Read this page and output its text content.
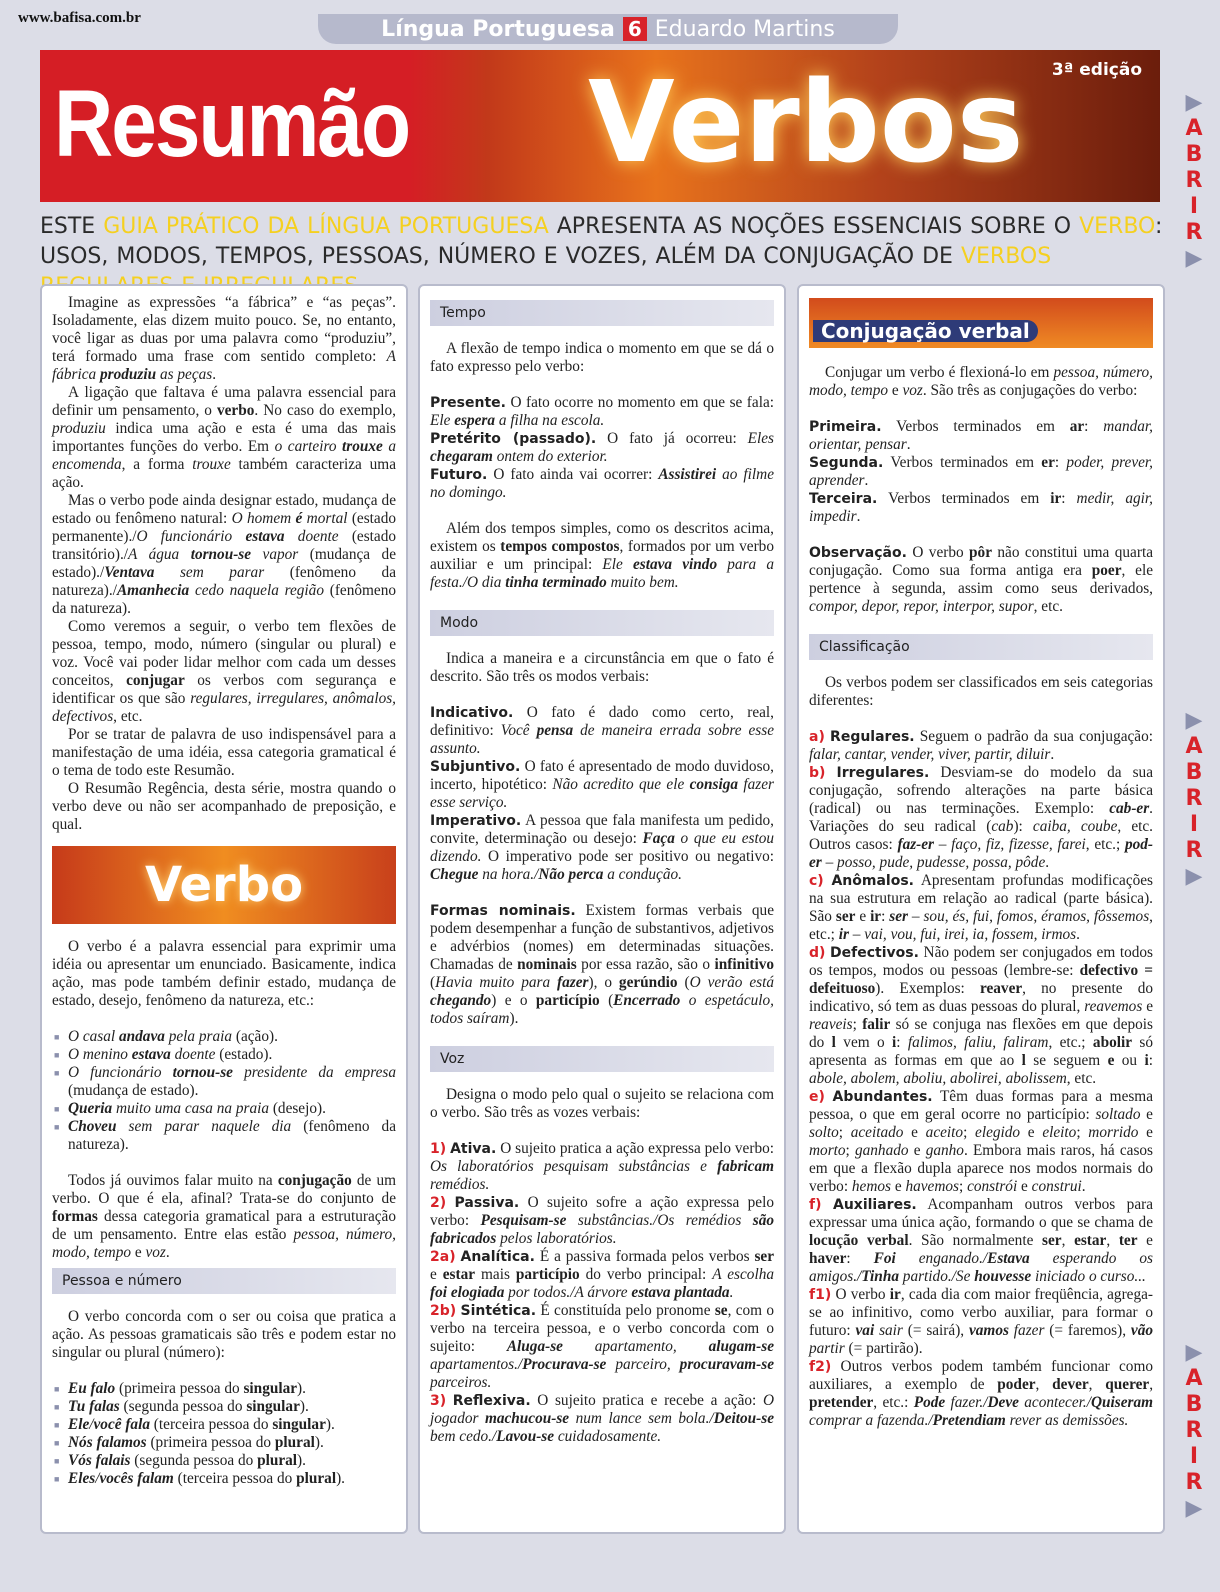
www.bafisa.com.br	Língua Portuguesa 6 Eduardo Martins
Resumão Verbos 3ª edição
▶
A
B
R
I
R
▶
▶
A
B
R
I
R
▶
▶
A
B
R
I
R
▶
ESTE GUIA PRÁTICO DA LÍNGUA PORTUGUESA APRESENTA AS NOÇÕES ESSENCIAIS SOBRE O VERBO: USOS, MODOS, TEMPOS, PESSOAS, NÚMERO E VOZES, ALÉM DA CONJUGAÇÃO DE VERBOS

Imagine as expressões “a fábrica” e “as peças”. Isoladamente, elas dizem muito pouco. Se, no entanto, você ligar as duas por uma palavra como “produziu”, terá formado uma frase com sentido completo: A fábrica produziu as peças.

A ligação que faltava é uma palavra essencial para definir um pensamento, o verbo. No caso do exemplo, produziu indica uma ação e esta é uma das mais importantes funções do verbo. Em o carteiro trouxe a encomenda, a forma trouxe também caracteriza uma ação.

Mas o verbo pode ainda designar estado, mudança de estado ou fenômeno natural: O homem é mortal (estado permanente)./O funcionário estava doente (estado transitório)./A água tornou-se vapor (mudança de estado)./Ventava sem parar (fenômeno da natureza)./Amanhecia cedo naquela região (fenômeno da natureza).

Como veremos a seguir, o verbo tem flexões de pessoa, tempo, modo, número (singular ou plural) e voz. Você vai poder lidar melhor com cada um desses conceitos, conjugar os verbos com segurança e identificar os que são regulares, irregulares, anômalos, defectivos, etc.

Por se tratar de palavra de uso indispensável para a manifestação de uma idéia, essa categoria gramatical é o tema de todo este Resumão.

O Resumão Regência, desta série, mostra quando o verbo deve ou não ser acompanhado de preposição, e qual.

Verbo

O verbo é a palavra essencial para exprimir uma idéia ou apresentar um enunciado. Basicamente, indica ação, mas pode também definir estado, mudança de estado, desejo, fenômeno da natureza, etc.:

■ O casal andava pela praia (ação).
■ O menino estava doente (estado).
■ O funcionário tornou-se presidente da empresa (mudança de estado).
■ Queria muito uma casa na praia (desejo).
■ Choveu sem parar naquele dia (fenômeno da natureza).

Todos já ouvimos falar muito na conjugação de um verbo. O que é ela, afinal? Trata-se do conjunto de formas dessa categoria gramatical para a estruturação de um pensamento. Entre elas estão pessoa, número, modo, tempo e voz.

Pessoa e número

O verbo concorda com o ser ou coisa que pratica a ação. As pessoas gramaticais são três e podem estar no singular ou plural (número):

■ Eu falo (primeira pessoa do singular).
■ Tu falas (segunda pessoa do singular).
■ Ele/você fala (terceira pessoa do singular).
■ Nós falamos (primeira pessoa do plural).
■ Vós falais (segunda pessoa do plural).
■ Eles/vocês falam (terceira pessoa do plural).
Tempo

A flexão de tempo indica o momento em que se dá o fato expresso pelo verbo:

Presente. O fato ocorre no momento em que se fala: Ele espera a filha na escola.
Pretérito (passado). O fato já ocorreu: Eles chegaram ontem do exterior.
Futuro. O fato ainda vai ocorrer: Assistirei ao filme no domingo.

Além dos tempos simples, como os descritos acima, existem os tempos compostos, formados por um verbo auxiliar e um principal: Ele estava vindo para a festa./O dia tinha terminado muito bem.

Modo

Indica a maneira e a circunstância em que o fato é descrito. São três os modos verbais:

Indicativo. O fato é dado como certo, real, definitivo: Você pensa de maneira errada sobre esse assunto.
Subjuntivo. O fato é apresentado de modo duvidoso, incerto, hipotético: Não acredito que ele consiga fazer esse serviço.
Imperativo. A pessoa que fala manifesta um pedido, convite, determinação ou desejo: Faça o que eu estou dizendo. O imperativo pode ser positivo ou negativo: Chegue na hora./Não perca a condução.
Formas nominais. Existem formas verbais que podem desempenhar a função de substantivos, adjetivos e advérbios (nomes) em determinadas situações. Chamadas de nominais por essa razão, são o infinitivo (Havia muito para fazer), o gerúndio (O verão está chegando) e o particípio (Encerrado o espetáculo, todos saíram).
Voz

Designa o modo pelo qual o sujeito se relaciona com o verbo. São três as vozes verbais:

1) Ativa. O sujeito pratica a ação expressa pelo verbo: Os laboratórios pesquisam substâncias e fabricam remédios.
2) Passiva. O sujeito sofre a ação expressa pelo verbo: Pesquisam-se substâncias./Os remédios são fabricados pelos laboratórios.
2a) Analítica. É a passiva formada pelos verbos ser e estar mais particípio do verbo principal: A escolha foi elogiada por todos./A árvore estava plantada.
2b) Sintética. É constituída pelo pronome se, com o verbo na terceira pessoa, e o verbo concorda com o sujeito: Aluga-se apartamento, alugam-se apartamentos./Procurava-se parceiro, procuravam-se parceiros.
3) Reflexiva. O sujeito pratica e recebe a ação: O jogador machucou-se num lance sem bola./Deitou-se bem cedo./Lavou-se cuidadosamente.
Conjugação verbal

Conjugar um verbo é flexioná-lo em pessoa, número, modo, tempo e voz. São três as conjugações do verbo:

Primeira. Verbos terminados em ar: mandar, orientar, pensar.
Segunda. Verbos terminados em er: poder, prever, aprender.
Terceira. Verbos terminados em ir: medir, agir, impedir.
Observação. O verbo pôr não constitui uma quarta conjugação. Como sua forma antiga era poer, ele pertence à segunda, assim como seus derivados, compor, depor, repor, interpor, supor, etc.
Classificação

Os verbos podem ser classificados em seis categorias diferentes:

a) Regulares. Seguem o padrão da sua conjugação: falar, cantar, vender, viver, partir, diluir.
b) Irregulares. Desviam-se do modelo da sua conjugação, sofrendo alterações na parte básica (radical) ou nas terminações. Exemplo: cab-er. Variações do seu radical (cab): caiba, coube, etc. Outros casos: faz-er – faço, fiz, fizesse, farei, etc.; pod-er – posso, pude, pudesse, possa, pôde.
c) Anômalos. Apresentam profundas modificações na sua estrutura em relação ao radical (parte básica). São ser e ir: ser – sou, és, fui, fomos, éramos, fôssemos, etc.; ir – vai, vou, fui, irei, ia, fossem, irmos.
d) Defectivos. Não podem ser conjugados em todos os tempos, modos ou pessoas (lembre-se: defectivo = defeituoso). Exemplos: reaver, no presente do indicativo, só tem as duas pessoas do plural, reavemos e reaveis; falir só se conjuga nas flexões em que depois do l vem o i: falimos, faliu, faliram, etc.; abolir só apresenta as formas em que ao l se seguem e ou i: abole, abolem, aboliu, abolirei, abolissem, etc.
e) Abundantes. Têm duas formas para a mesma pessoa, o que em geral ocorre no particípio: soltado e solto; aceitado e aceito; elegido e eleito; morrido e morto; ganhado e ganho. Embora mais raros, há casos em que a flexão dupla aparece nos modos normais do verbo: hemos e havemos; constrói e construi.
f) Auxiliares. Acompanham outros verbos para expressar uma única ação, formando o que se chama de locução verbal. São normalmente ser, estar, ter e haver: Foi enganado./Estava esperando os amigos./Tinha partido./Se houvesse iniciado o curso...
f1) O verbo ir, cada dia com maior freqüência, agrega-se ao infinitivo, como verbo auxiliar, para formar o futuro: vai sair (= sairá), vamos fazer (= faremos), vão partir (= partirão).
f2) Outros verbos podem também funcionar como auxiliares, a exemplo de poder, dever, querer, pretender, etc.: Pode fazer./Deve acontecer./Quiseram comprar a fazenda./Pretendiam rever as demissões.
